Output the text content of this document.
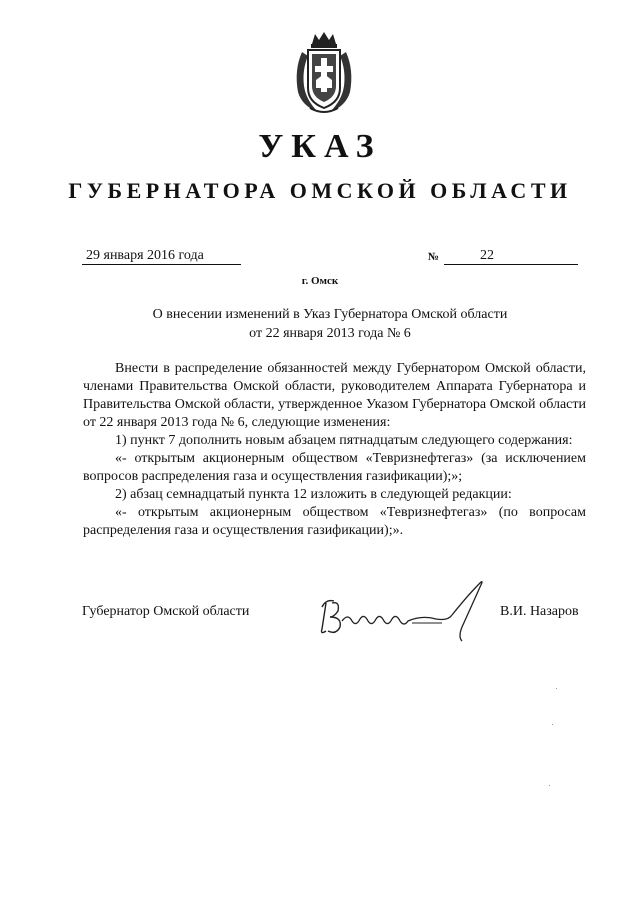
УКАЗ
ГУБЕРНАТОРА ОМСКОЙ ОБЛАСТИ
29 января 2016 года	№	22
г. Омск
О внесении изменений в Указ Губернатора Омской области
от 22 января 2013 года № 6

Внести в распределение обязанностей между Губернатором Омской области, членами Правительства Омской области, руководителем Аппарата Губернатора и Правительства Омской области, утвержденное Указом Губернатора Омской области от 22 января 2013 года № 6, следующие изменения:

1) пункт 7 дополнить новым абзацем пятнадцатым следующего содержания:

«- открытым акционерным обществом «Тевризнефтегаз» (за исключением вопросов распределения газа и осуществления газификации);»;

2) абзац семнадцатый пункта 12 изложить в следующей редакции:

«- открытым акционерным обществом «Тевризнефтегаз» (по вопросам распределения газа и осуществления газификации);».

Губернатор Омской области	В.И. Назаров
